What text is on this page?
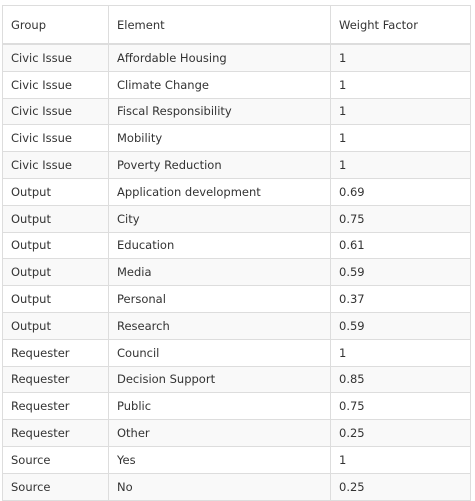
Group	Element	Weight Factor
Civic Issue	Affordable Housing	1
Civic Issue	Climate Change	1
Civic Issue	Fiscal Responsibility	1
Civic Issue	Mobility	1
Civic Issue	Poverty Reduction	1
Output	Application development	0.69
Output	City	0.75
Output	Education	0.61
Output	Media	0.59
Output	Personal	0.37
Output	Research	0.59
Requester	Council	1
Requester	Decision Support	0.85
Requester	Public	0.75
Requester	Other	0.25
Source	Yes	1
Source	No	0.25
